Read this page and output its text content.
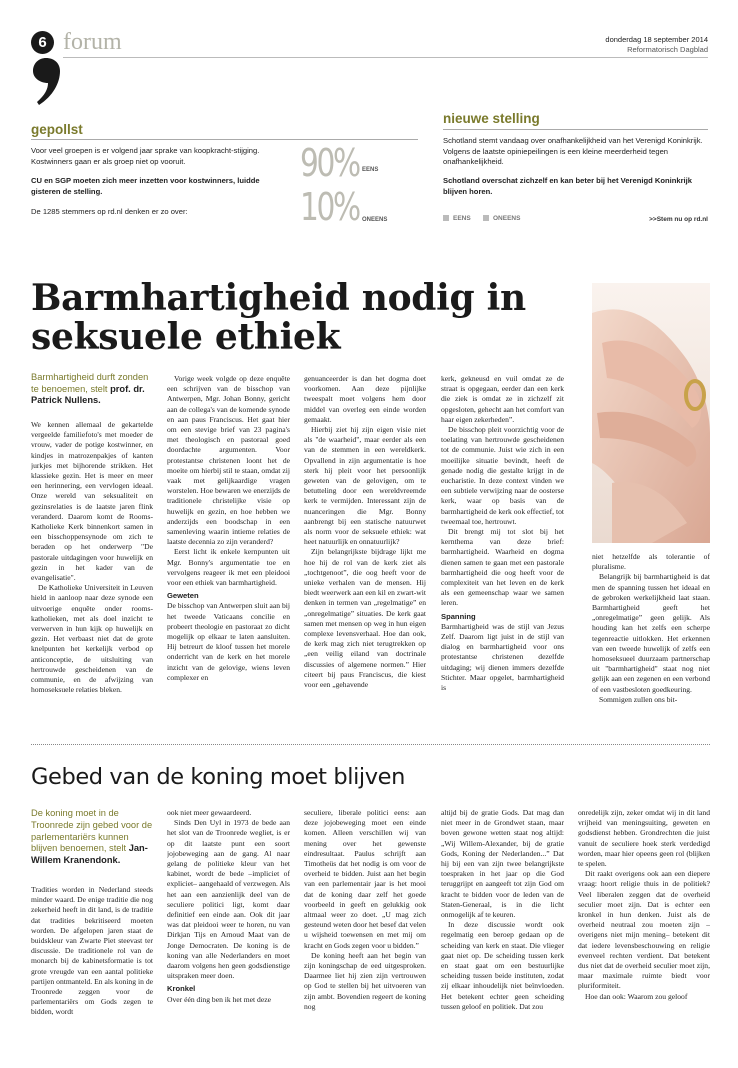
6 forum	donderdag 18 september 2014
Reformatorisch Dagblad
gepollst
Voor veel groepen is er volgend jaar sprake van koopkracht-stijging. Kostwinners gaan er als groep niet op vooruit.
CU en SGP moeten zich meer inzetten voor kostwinners, luidde gisteren de stelling.
De 1285 stemmers op rd.nl denken er zo over:
90% EENS
10% ONEENS
nieuwe stelling
Schotland stemt vandaag over onafhankelijkheid van het Verenigd Koninkrijk. Volgens de laatste opiniepeilingen is een kleine meerderheid tegen onafhankelijkheid.
Schotland overschat zichzelf en kan beter bij het Verenigd Koninkrijk blijven horen.
EENS	ONEENS	>>Stem nu op rd.nl
Barmhartigheid nodig in seksuele ethiek
Barmhartigheid durft zonden te benoemen, stelt prof. dr. Patrick Nullens.

We kennen allemaal de gekartelde vergeelde familiefoto's met moeder de vrouw, vader de potige kostwinner, en kindjes in matrozenpakjes of kanten jurkjes met bijhorende strikken. Het klassieke gezin. Het is meer en meer een herinnering, een vervlogen ideaal. Onze wereld van seksualiteit en gezinsrelaties is de laatste jaren flink veranderd. Daarom komt de Rooms-Katholieke Kerk binnenkort samen in een bisschoppensynode om zich te beraden op het onderwerp "De pastorale uitdagingen voor huwelijk en gezin in het kader van de evangelisatie".

De Katholieke Universiteit in Leuven hield in aanloop naar deze synode een uitvoerige enquête onder rooms-katholieken, met als doel inzicht te verwerven in hun kijk op huwelijk en gezin. Het verbaast niet dat de grote knelpunten het kerkelijk verbod op anticonceptie, de uitsluiting van hertrouwde gescheidenen van de communie, en de afwijzing van homoseksuele relaties bleken.

Vorige week volgde op deze enquête een schrijven van de bisschop van Antwerpen, Mgr. Johan Bonny, gericht aan de collega's van de komende synode en aan paus Franciscus. Het gaat hier om een stevige brief van 23 pagina's met theologisch en pastoraal goed doordachte argumenten. Voor protestantse christenen loont het de moeite om hierbij stil te staan, omdat zij vaak met gelijkaardige vragen worstelen. Hoe bewaren we enerzijds de traditionele christelijke visie op huwelijk en gezin, en hoe hebben we anderzijds een boodschap in een samenleving waarin intieme relaties de laatste decennia zo zijn veranderd?

Eerst licht ik enkele kernpunten uit Mgr. Bonny's argumentatie toe en vervolgens reageer ik met een pleidooi voor een ethiek van barmhartigheid.

Geweten

De bisschop van Antwerpen sluit aan bij het tweede Vaticaans concilie en probeert theologie en pastoraat zo dicht mogelijk op elkaar te laten aansluiten. Hij betreurt de kloof tussen het morele onderricht van de kerk en het morele inzicht van de gelovige, wiens leven complexer en

genuanceerder is dan het dogma doet voorkomen. Aan deze pijnlijke tweespalt moet volgens hem door middel van overleg een einde worden gemaakt.

Hierbij ziet hij zijn eigen visie niet als "de waarheid", maar eerder als een van de stemmen in een wereldkerk. Opvallend in zijn argumentatie is hoe sterk hij pleit voor het persoonlijk geweten van de gelovigen, om te betutteling door een wereldvreemde kerk te vermijden. Interessant zijn de nuanceringen die Mgr. Bonny aanbrengt bij een statische natuurwet als norm voor de seksuele ethiek: wat heet natuurlijk en onnatuurlijk?

Zijn belangrijkste bijdrage lijkt me hoe hij de rol van de kerk ziet als „tochtgenoot”, die oog heeft voor de unieke verhalen van de mensen. Hij biedt weerwerk aan een kil en zwart-wit denken in termen van „regelmatige” en „onregelmatige” situaties. De kerk gaat samen met mensen op weg in hun eigen complexe levensverhaal. Hoe dan ook, de kerk mag zich niet terugtrekken op „een veilig eiland van doctrinale discussies of algemene normen.” Hier citeert bij paus Franciscus, die kiest voor een „gehavende

kerk, gekneusd en vuil omdat ze de straat is opgegaan, eerder dan een kerk die ziek is omdat ze in zichzelf zit opgesloten, gehecht aan het comfort van haar eigen zekerheden”.

De bisschop pleit voorzichtig voor de toelating van hertrouwde gescheidenen tot de communie. Juist wie zich in een moeilijke situatie bevindt, heeft de genade nodig die gestalte krijgt in de eucharistie. In deze context vinden we een subtiele verwijzing naar de oosterse kerk, waar op basis van de barmhartigheid de kerk ook effectief, tot tweemaal toe, hertrouwt.

Dit brengt mij tot slot bij het kernthema van deze brief: barmhartigheid. Waarheid en dogma dienen samen te gaan met een pastorale barmhartigheid die oog heeft voor de complexiteit van het leven en de kerk als een gemeenschap waar we samen leren.

Spanning

Barmhartigheid was de stijl van Jezus Zelf. Daarom ligt juist in de stijl van dialog en barmhartigheid voor ons protestantse christenen dezelfde uitdaging; wij dienen immers dezelfde Stichter. Maar opgelet, barmhartigheid is

niet hetzelfde als tolerantie of pluralisme.

Belangrijk bij barmhartigheid is dat men de spanning tussen het ideaal en de gebroken werkelijkheid laat staan. Barmhartigheid geeft het „onregelmatige” geen gelijk. Als houding kan het zelfs een scherpe tegenreactie uitlokken. Het erkennen van een tweede huwelijk of zelfs een homoseksueel duurzaam partnerschap uit "barmhartigheid" staat nog niet gelijk aan een zegenen en een verbond of een vastbesloten goedkeuring.

Sommigen zullen ons bit-

Gebed van de koning moet blijven
De koning moet in de Troonrede zijn gebed voor de parlementariërs kunnen blijven benoemen, stelt Jan-Willem Kranendonk.

Tradities worden in Nederland steeds minder waard. De enige traditie die nog zekerheid heeft in dit land, is de traditie dat tradities bekritiseerd moeten worden. De afgelopen jaren staat de buidskleur van Zwarte Piet steevast ter discussie. De traditionele rol van de monarch bij de kabinetsformatie is tot grote vreugde van een aantal politieke partijen ontmanteld. En als koning in de Troonrede zeggen voor de parlementariërs om Gods zegen te bidden, wordt

ook niet meer gewaardeerd.

Sinds Den Uyl in 1973 de bede aan het slot van de Troonrede wegliet, is er op dit laatste punt een soort jojobeweging aan de gang. Al naar gelang de politieke kleur van het kabinet, wordt de bede –impliciet of expliciet– aangehaald of verzwegen. Als het aan een aanzienlijk deel van de seculiere politici ligt, komt daar definitief een einde aan. Ook dit jaar was dat pleidooi weer te horen, nu van Dirkjan Tijs en Arnoud Maat van de Jonge Democraten. De koning is de koning van alle Nederlanders en moet daarom volgens hen geen godsdienstige uitspraken meer doen.

Kronkel

Over één ding ben ik het met deze

seculiere, liberale politici eens: aan deze jojobeweging moet een einde komen. Alleen verschillen wij van mening over het gewenste eindresultaat. Paulus schrijft aan Timotheüs dat het nodig is om voor de overheid te bidden. Juist aan het begin van een parlementair jaar is het mooi dat de koning daar zelf het goede voorbeeld in geeft en gelukkig ook altmaal weer zo doet. „U mag zich gesteund weten door het besef dat velen u wijsheid toewensen en met mij om kracht en Gods zegen voor u bidden.”

De koning heeft aan het begin van zijn koningschap de eed uitgesproken. Daarmee liet hij zien zijn vertrouwen op God te stellen bij het uitvoeren van zijn ambt. Bovendien regeert de koning nog

altijd bij de gratie Gods. Dat mag dan niet meer in de Grondwet staan, maar boven gewone wetten staat nog altijd: „Wij Willem-Alexander, bij de gratie Gods, Koning der Nederlanden...” Dat hij bij een van zijn twee belangrijkste toespraken in het jaar op die God teruggrijpt en aangeeft tot zijn God om kracht te bidden voor de leden van de Staten-Generaal, is in die licht onmogelijk af te keuren.

In deze discussie wordt ook regelmatig een beroep gedaan op de scheiding van kerk en staat. Die vlieger gaat niet op. De scheiding tussen kerk en staat gaat om een bestuurlijke scheiding tussen beide instituten, zodat zij elkaar inhoudelijk niet beïnvloeden. Het betekent echter geen scheiding tussen geloof en politiek. Dat zou

onredelijk zijn, zeker omdat wij in dit land vrijheid van meningsuiting, geweten en godsdienst hebben. Grondrechten die juist vanuit de seculiere hoek sterk verdedigd worden, maar hier opeens geen rol (blijken te spelen.

Dit raakt overigens ook aan een diepere vraag: hoort religie thuis in de politiek? Veel liberalen zeggen dat de overheid seculier moet zijn. Dat is echter een kronkel in hun denken. Juist als de overheid neutraal zou moeten zijn –overigens niet mijn mening– betekent dit dat iedere levensbeschouwing en religie evenveel rechten verdient. Dat betekent dus niet dat de overheid seculier moet zijn, maar maximale ruimte biedt voor pluriformiteit.

Hoe dan ook: Waarom zou geloof
